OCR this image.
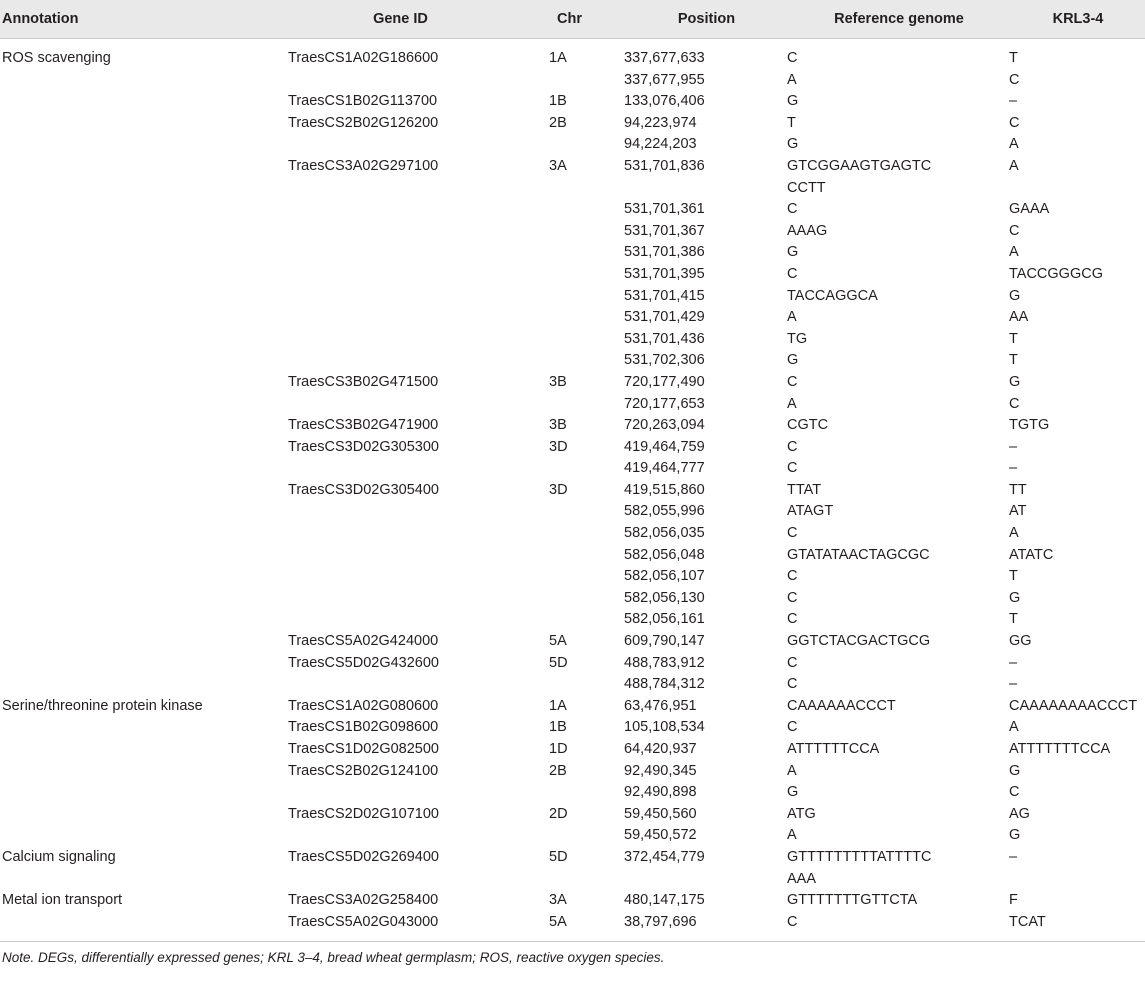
Annotation	Gene ID	Chr	Position	Reference genome	KRL3-4
ROS scavenging	TraesCS1A02G186600	1A	337,677,633	C	T
			337,677,955	A	C
	TraesCS1B02G113700	1B	133,076,406	G	–
	TraesCS2B02G126200	2B	94,223,974	T	C
			94,224,203	G	A
	TraesCS3A02G297100	3A	531,701,836	GTCGGAAGTGAGTCCCTT	A
			531,701,361	C	GAAA
			531,701,367	AAAG	C
			531,701,386	G	A
			531,701,395	C	TACCGGGCG
			531,701,415	TACCAGGCA	G
			531,701,429	A	AA
			531,701,436	TG	T
			531,702,306	G	T
	TraesCS3B02G471500	3B	720,177,490	C	G
			720,177,653	A	C
	TraesCS3B02G471900	3B	720,263,094	CGTC	TGTG
	TraesCS3D02G305300	3D	419,464,759	C	–
			419,464,777	C	–
	TraesCS3D02G305400	3D	419,515,860	TTAT	TT
			582,055,996	ATAGT	AT
			582,056,035	C	A
			582,056,048	GTATATAACTAGCGC	ATATC
			582,056,107	C	T
			582,056,130	C	G
			582,056,161	C	T
	TraesCS5A02G424000	5A	609,790,147	GGTCTACGACTGCG	GG
	TraesCS5D02G432600	5D	488,783,912	C	–
			488,784,312	C	–
Serine/threonine protein kinase	TraesCS1A02G080600	1A	63,476,951	CAAAAAACCCT	CAAAAAAAACCCT
	TraesCS1B02G098600	1B	105,108,534	C	A
	TraesCS1D02G082500	1D	64,420,937	ATTTTTTCCA	ATTTTTTTCCA
	TraesCS2B02G124100	2B	92,490,345	A	G
			92,490,898	G	C
	TraesCS2D02G107100	2D	59,450,560	ATG	AG
			59,450,572	A	G
Calcium signaling	TraesCS5D02G269400	5D	372,454,779	GTTTTTTTTTATTTTCAAA	–
Metal ion transport	TraesCS3A02G258400	3A	480,147,175	GTTTTTTTGTTCTA	F
	TraesCS5A02G043000	5A	38,797,696	C	TCAT
Note. DEGs, differentially expressed genes; KRL 3–4, bread wheat germplasm; ROS, reactive oxygen species.
